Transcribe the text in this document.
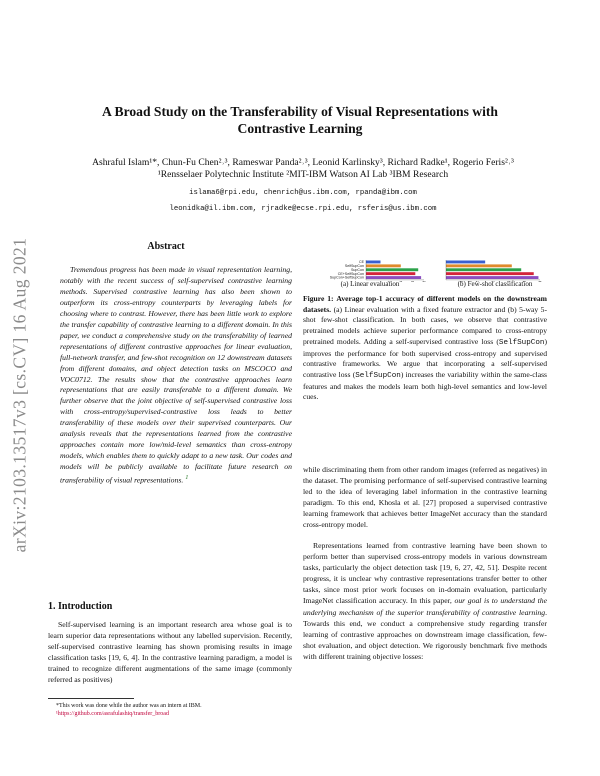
arXiv:2103.13517v3 [cs.CV] 16 Aug 2021
A Broad Study on the Transferability of Visual Representations with
Contrastive Learning
Ashraful Islam¹*, Chun-Fu Chen²˒³, Rameswar Panda²˒³, Leonid Karlinsky³, Richard Radke¹, Rogerio Feris²˒³
¹Rensselaer Polytechnic Institute ²MIT-IBM Watson AI Lab ³IBM Research
islama6@rpi.edu, chenrich@us.ibm.com, rpanda@ibm.com
leonidka@il.ibm.com, rjradke@ecse.rpi.edu, rsferis@us.ibm.com
Abstract
Tremendous progress has been made in visual representation learning, notably with the recent success of self-supervised contrastive learning methods. Supervised contrastive learning has also been shown to outperform its cross-entropy counterparts by leveraging labels for choosing where to contrast. However, there has been little work to explore the transfer capability of contrastive learning to a different domain. In this paper, we conduct a comprehensive study on the transferability of learned representations of different contrastive approaches for linear evaluation, full-network transfer, and few-shot recognition on 12 downstream datasets from different domains, and object detection tasks on MSCOCO and VOC0712. The results show that the contrastive approaches learn representations that are easily transferable to a different domain. We further observe that the joint objective of self-supervised contrastive loss with cross-entropy/supervised-contrastive loss leads to better transferability of these models over their supervised counterparts. Our analysis reveals that the representations learned from the contrastive approaches contain more low/mid-level semantics than cross-entropy models, which enables them to quickly adapt to a new task. Our codes and models will be publicly available to facilitate future research on transferability of visual representations. $^1$
1. Introduction
Self-supervised learning is an important research area whose goal is to learn superior data representations without any labelled supervision. Recently, self-supervised contrastive learning has shown promising results in image classification tasks [19, 6, 4]. In the contrastive learning paradigm, a model is trained to recognize different augmentations of the same image (commonly referred as positives)
*This work was done while the author was an intern at IBM.
¹https://github.com/asrafulashiq/transfer_broad
CE
SelfSupCon
SupCon
CE+SelfSupCon
SupCon+SelfSupCon
(a) Linear evaluation	(b) Few-shot classification
Figure 1: Average top-1 accuracy of different models on the downstream datasets. (a) Linear evaluation with a fixed feature extractor and (b) 5-way 5-shot few-shot classification. In both cases, we observe that contrastive pretrained models achieve superior performance compared to cross-entropy pretrained models. Adding a self-supervised contrastive loss (SelfSupCon) improves the performance for both supervised cross-entropy and supervised contrastive frameworks. We argue that incorporating a self-supervised contrastive loss (SelfSupCon) increases the variability within the same-class features and makes the models learn both high-level semantics and low-level cues.
while discriminating them from other random images (referred as negatives) in the dataset. The promising performance of self-supervised contrastive learning led to the idea of leveraging label information in the contrastive learning paradigm. To this end, Khosla et al. [27] proposed a supervised contrastive learning framework that achieves better ImageNet accuracy than the standard cross-entropy model.
Representations learned from contrastive learning have been shown to perform better than supervised cross-entropy models in various downstream tasks, particularly the object detection task [19, 6, 27, 42, 51]. Despite recent progress, it is unclear why contrastive representations transfer better to other tasks, since most prior work focuses on in-domain evaluation, particularly ImageNet classification accuracy. In this paper, our goal is to understand the underlying mechanism of the superior transferability of contrastive learning. Towards this end, we conduct a comprehensive study regarding transfer learning of contrastive approaches on downstream image classification, few-shot evaluation, and object detection. We rigorously benchmark five methods with different training objective losses:
